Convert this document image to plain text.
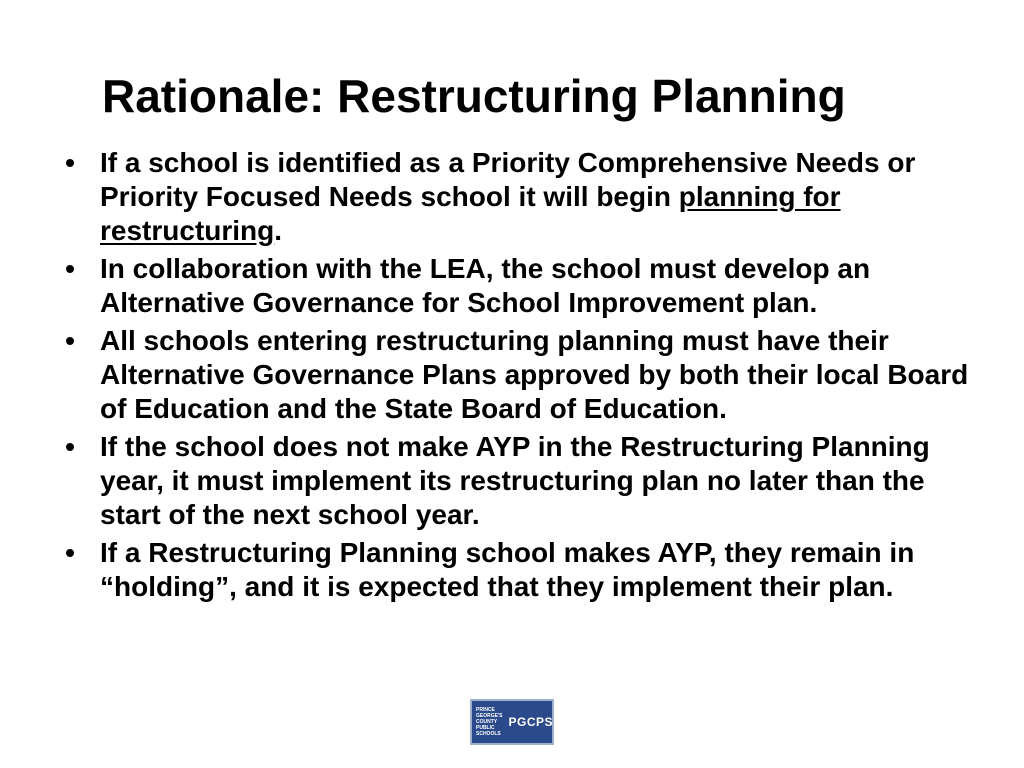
Rationale: Restructuring Planning
• If a school is identified as a Priority Comprehensive Needs or Priority Focused Needs school it will begin planning for restructuring.
• In collaboration with the LEA, the school must develop an Alternative Governance for School Improvement plan.
• All schools entering restructuring planning must have their Alternative Governance Plans approved by both their local Board of Education and the State Board of Education.
• If the school does not make AYP in the Restructuring Planning year, it must implement its restructuring plan no later than the start of the next school year.
• If a Restructuring Planning school makes AYP, they remain in “holding”, and it is expected that they implement their plan.
PRINCE
GEORGE'S
COUNTY
PUBLIC
SCHOOLS
PGCPS
